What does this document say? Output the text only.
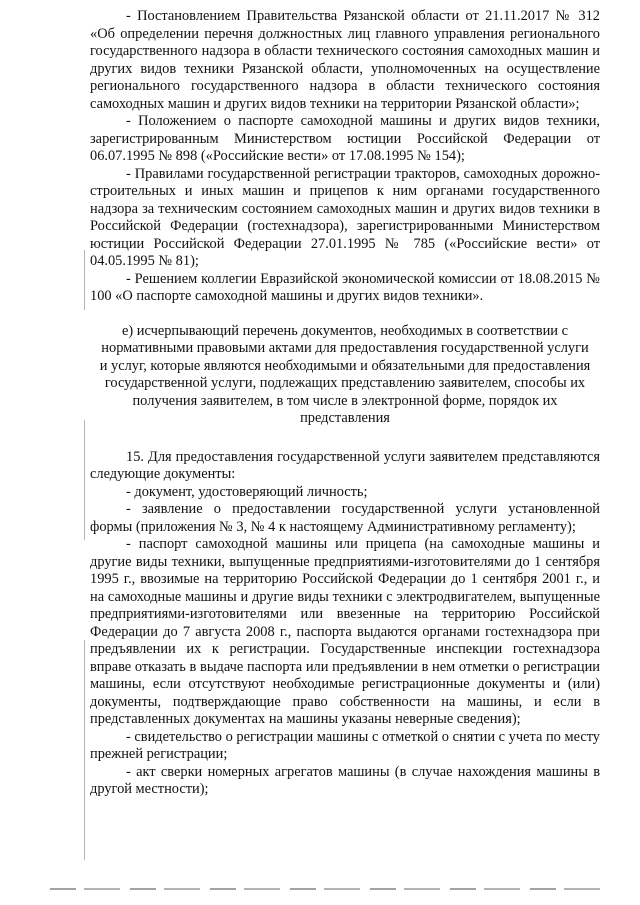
- Постановлением Правительства Рязанской области от 21.11.2017 № 312 «Об определении перечня должностных лиц главного управления регионального государственного надзора в области технического состояния самоходных машин и других видов техники Рязанской области, уполномоченных на осуществление регионального государственного надзора в области технического состояния самоходных машин и других видов техники на территории Рязанской области»;

- Положением о паспорте самоходной машины и других видов техники, зарегистрированным Министерством юстиции Российской Федерации от 06.07.1995 № 898 («Российские вести» от 17.08.1995 № 154);

- Правилами государственной регистрации тракторов, самоходных дорожно-строительных и иных машин и прицепов к ним органами государственного надзора за техническим состоянием самоходных машин и других видов техники в Российской Федерации (гостехнадзора), зарегистрированными Министерством юстиции Российской Федерации 27.01.1995 № 785 («Российские вести» от 04.05.1995 № 81);

- Решением коллегии Евразийской экономической комиссии от 18.08.2015 № 100 «О паспорте самоходной машины и других видов техники».

е) исчерпывающий перечень документов, необходимых в соответствии с нормативными правовыми актами для предоставления государственной услуги и услуг, которые являются необходимыми и обязательными для предоставления государственной услуги, подлежащих представлению заявителем, способы их получения заявителем, в том числе в электронной форме, порядок их представления

15. Для предоставления государственной услуги заявителем представляются следующие документы:

- документ, удостоверяющий личность;

- заявление о предоставлении государственной услуги установленной формы (приложения № 3, № 4 к настоящему Административному регламенту);

- паспорт самоходной машины или прицепа (на самоходные машины и другие виды техники, выпущенные предприятиями-изготовителями до 1 сентября 1995 г., ввозимые на территорию Российской Федерации до 1 сентября 2001 г., и на самоходные машины и другие виды техники с электродвигателем, выпущенные предприятиями-изготовителями или ввезенные на территорию Российской Федерации до 7 августа 2008 г., паспорта выдаются органами гостехнадзора при предъявлении их к регистрации. Государственные инспекции гостехнадзора вправе отказать в выдаче паспорта или предъявлении в нем отметки о регистрации машины, если отсутствуют необходимые регистрационные документы и (или) документы, подтверждающие право собственности на машины, и если в представленных документах на машины указаны неверные сведения);

- свидетельство о регистрации машины с отметкой о снятии с учета по месту прежней регистрации;

- акт сверки номерных агрегатов машины (в случае нахождения машины в другой местности);
